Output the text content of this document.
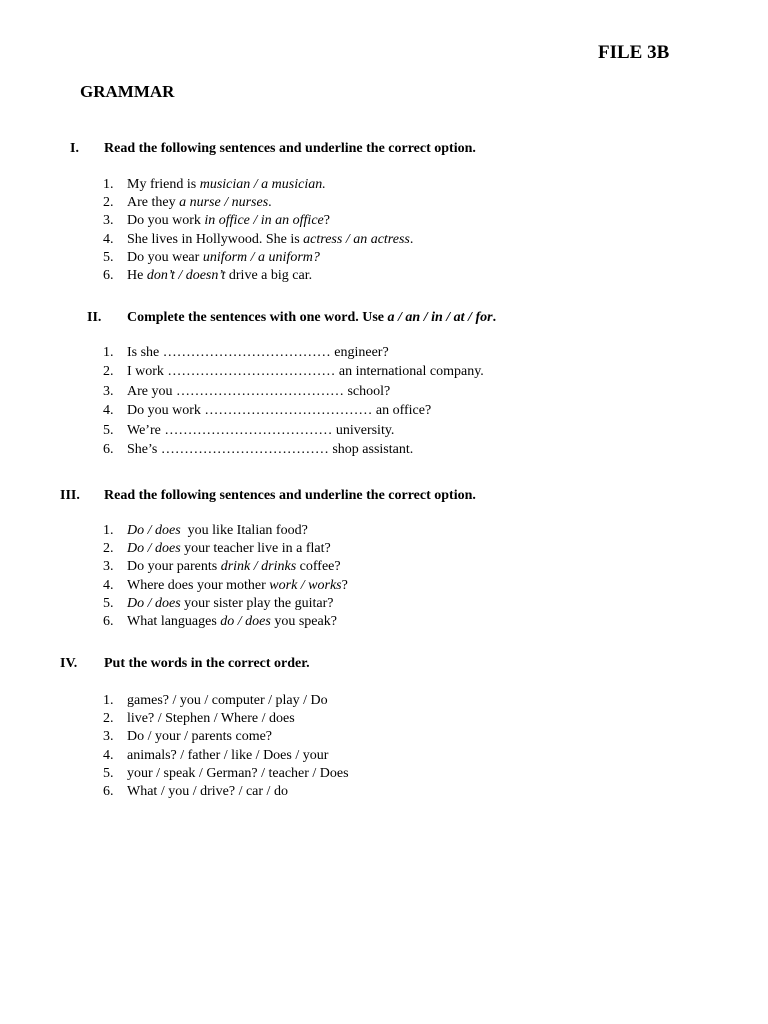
FILE 3B
GRAMMAR
I. Read the following sentences and underline the correct option.
1. My friend is musician / a musician.
2. Are they a nurse / nurses.
3. Do you work in office / in an office?
4. She lives in Hollywood. She is actress / an actress.
5. Do you wear uniform / a uniform?
6. He don’t / doesn’t drive a big car.
II. Complete the sentences with one word. Use a / an / in / at / for.
1. Is she ……………………………… engineer?
2. I work ……………………………… an international company.
3. Are you ……………………………… school?
4. Do you work ……………………………… an office?
5. We’re ……………………………… university.
6. She’s ……………………………… shop assistant.
III. Read the following sentences and underline the correct option.
1. Do / does  you like Italian food?
2. Do / does your teacher live in a flat?
3. Do your parents drink / drinks coffee?
4. Where does your mother work / works?
5. Do / does your sister play the guitar?
6. What languages do / does you speak?
IV. Put the words in the correct order.
1. games? / you / computer / play / Do
2. live? / Stephen / Where / does
3. Do / your / parents come?
4. animals? / father / like / Does / your
5. your / speak / German? / teacher / Does
6. What / you / drive? / car / do
